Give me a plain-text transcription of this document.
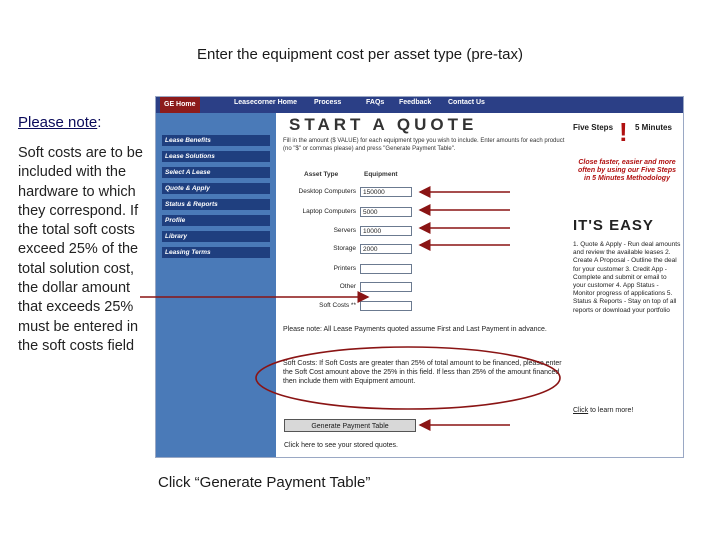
Enter the equipment cost per asset type (pre-tax)
Please note:
Soft costs are to be included with the hardware to which they correspond. If the total soft costs exceed 25% of the total solution cost, the dollar amount that exceeds 25% must be entered in the soft costs field
GE Home	Leasecorner Home Process	FAQs Feedback Contact Us
Lease Benefits
Lease Solutions
Select A Lease
Quote & Apply
Status & Reports
Profile
Library
Leasing Terms
START A QUOTE
Fill in the amount ($ VALUE) for each equipment type you wish to include. Enter amounts for each product (no "$" or commas please) and press "Generate Payment Table".
Asset Type	Equipment
Desktop Computers	150000
Laptop Computers	5000
Servers	10000
Storage	2000
Printers
Other
Soft Costs **
Please note: All Lease Payments quoted assume First and Last Payment in advance.
Soft Costs: If Soft Costs are greater than 25% of total amount to be financed, please enter the Soft Cost amount above the 25% in this field. If less than 25% of the amount financed then include them with Equipment amount.
Generate Payment Table
Click here to see your stored quotes.
Five Steps ! 5 Minutes
Close faster, easier and more often by using our Five Steps in 5 Minutes Methodology
IT'S EASY
1. Quote & Apply - Run deal amounts and review the available leases 2. Create A Proposal - Outline the deal for your customer 3. Credit App - Complete and submit or email to your customer 4. App Status - Monitor progress of applications 5. Status & Reports - Stay on top of all reports or download your portfolio
Click to learn more!
Click “Generate Payment Table”
